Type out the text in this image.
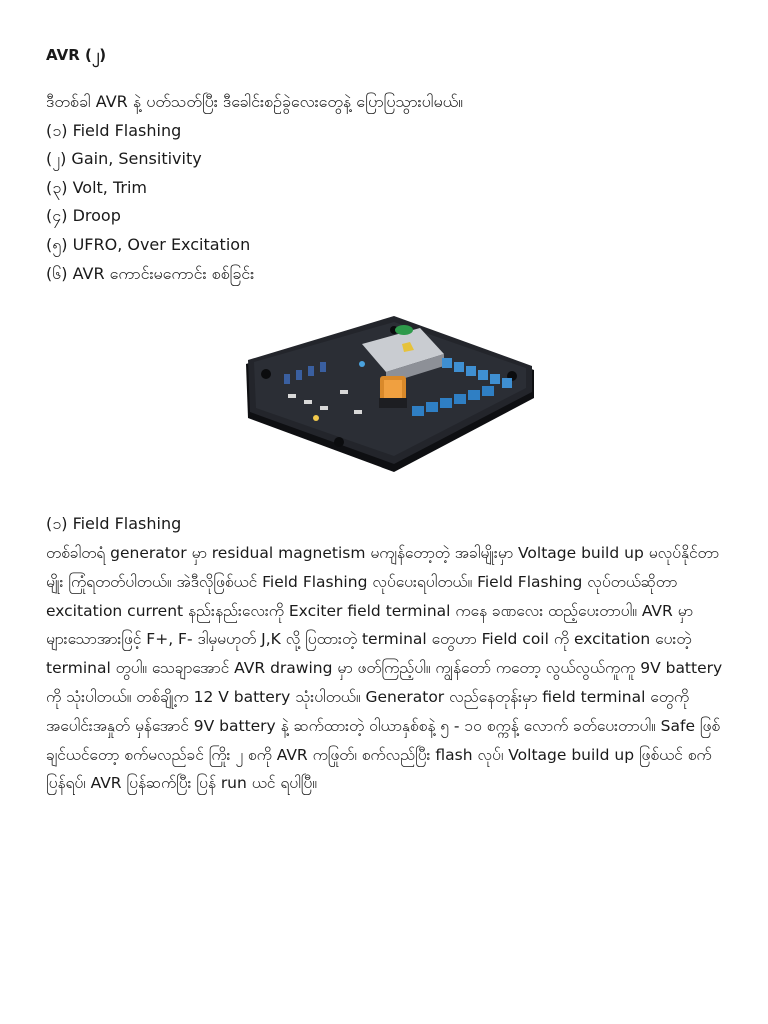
AVR (၂)

ဒီတစ်ခါ AVR နဲ့ ပတ်သတ်ပြီး ဒီခေါင်းစဥ်ခွဲလေးတွေနဲ့ ပြောပြသွားပါမယ်။
(၁) Field Flashing
(၂) Gain, Sensitivity
(၃) Volt, Trim
(၄) Droop
(၅) UFRO, Over Excitation
(၆) AVR ကောင်းမကောင်း စစ်ခြင်း
(၁) Field Flashing

တစ်ခါတရံ generator မှာ residual magnetism မကျန်တော့တဲ့ အခါမျိုးမှာ Voltage build up မလုပ်နိုင်တာမျိုး ကြုံရတတ်ပါတယ်။ အဲဒီလိုဖြစ်ယင် Field Flashing လုပ်ပေးရပါတယ်။ Field Flashing လုပ်တယ်ဆိုတာ excitation current နည်းနည်းလေးကို Exciter field terminal ကနေ ခဏလေး ထည့်ပေးတာပါ။ AVR မှာ များသောအားဖြင့် F+, F- ဒါမှမဟုတ် J,K လို့ ပြထားတဲ့ terminal တွေဟာ Field coil ကို excitation ပေးတဲ့ terminal တွပါ။ သေချာအောင် AVR drawing မှာ ဖတ်ကြည့်ပါ။ ကျွန်တော် ကတော့ လွယ်လွယ်ကူကူ 9V battery ကို သုံးပါတယ်။ တစ်ချို့က 12 V battery သုံးပါတယ်။ Generator လည်နေတုန်းမှာ field terminal တွေကို အပေါင်းအနှုတ် မှန်အောင် 9V battery နဲ့ ဆက်ထားတဲ့ ဝါယာနှစ်စနဲ့ ၅ - ၁၀ စက္ကန့် လောက် ခတ်ပေးတာပါ။ Safe ဖြစ်ချင်ယင်တော့ စက်မလည်ခင် ကြိုး ၂ စကို AVR ကဖြုတ်၊ စက်လည်ပြီး flash လုပ်၊ Voltage build up ဖြစ်ယင် စက်ပြန်ရပ်၊ AVR ပြန်ဆက်ပြီး ပြန် run ယင် ရပါပြီ။
